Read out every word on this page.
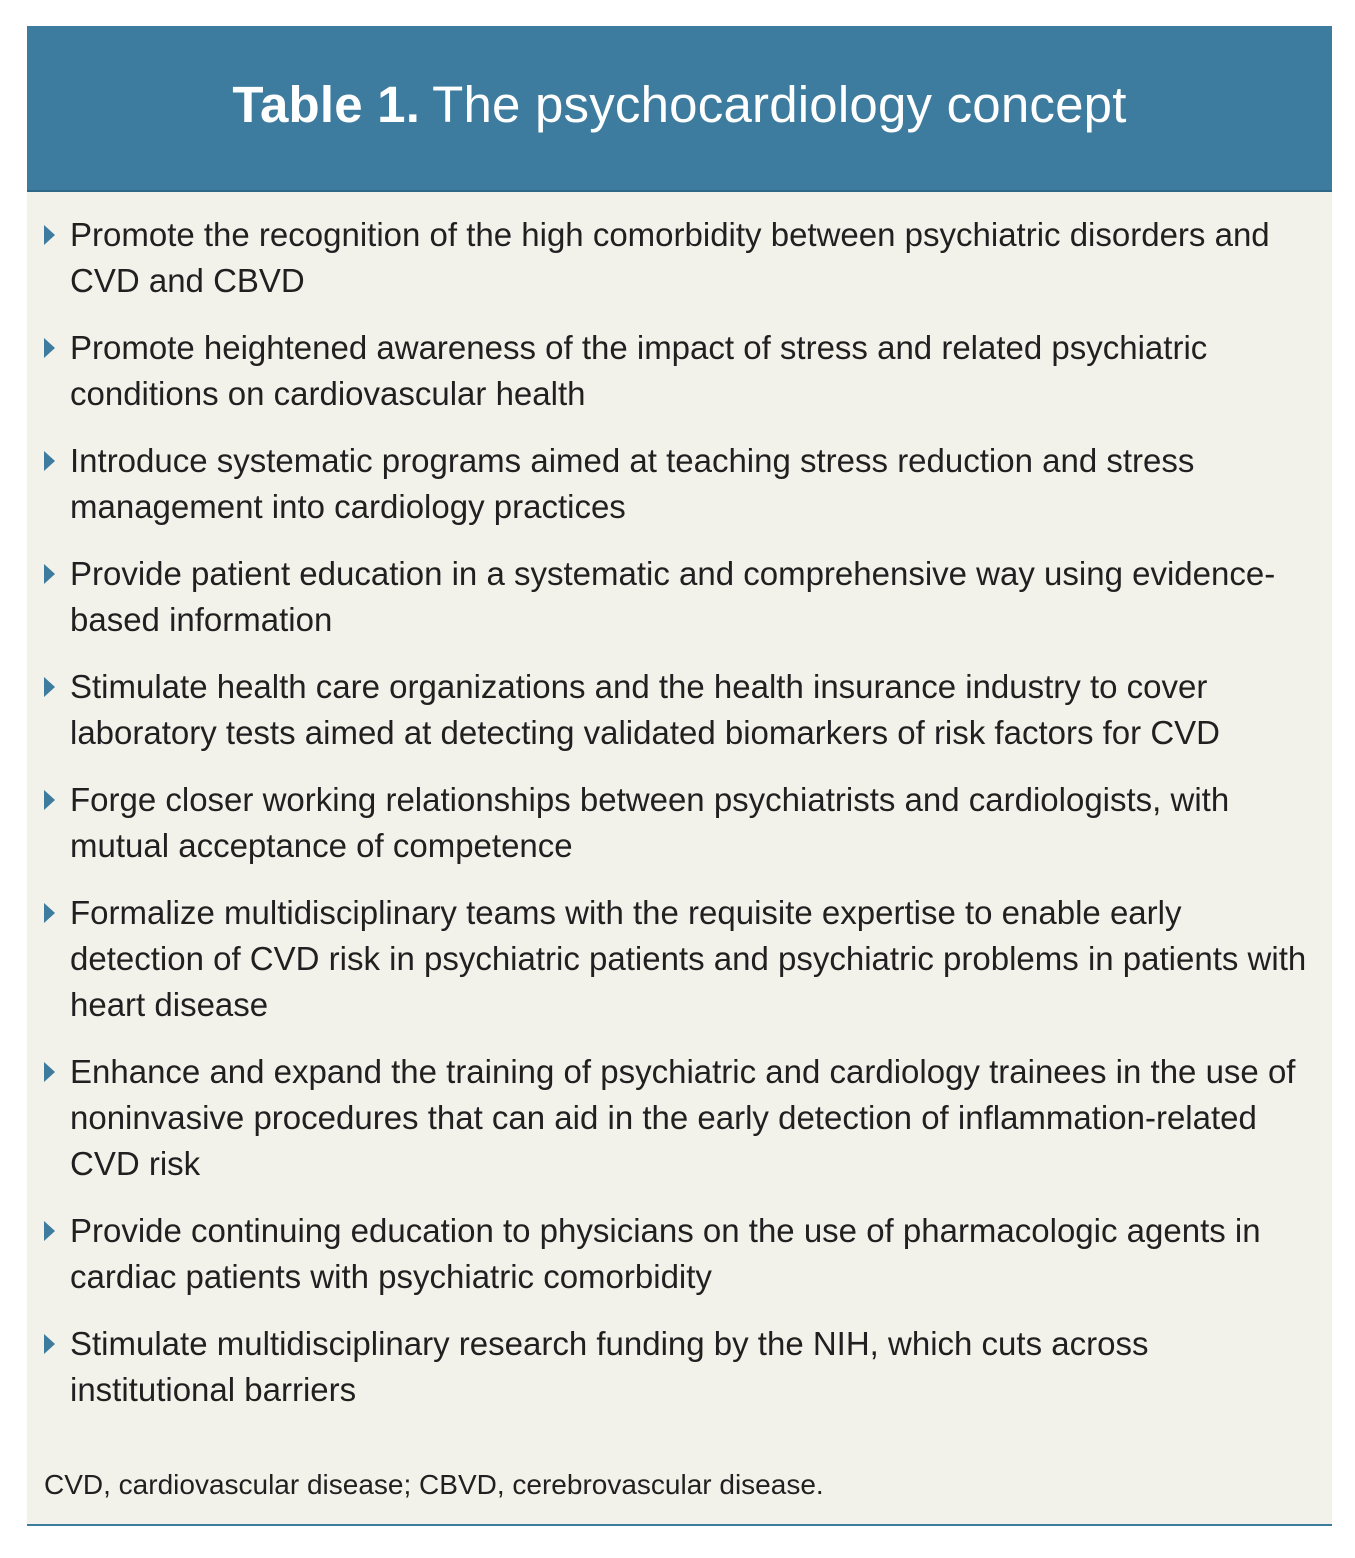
Table 1. The psychocardiology concept
Promote the recognition of the high comorbidity between psychiatric disorders and CVD and CBVD
Promote heightened awareness of the impact of stress and related psychiatric conditions on cardiovascular health
Introduce systematic programs aimed at teaching stress reduction and stress management into cardiology practices
Provide patient education in a systematic and comprehensive way using evidence-based information
Stimulate health care organizations and the health insurance industry to cover laboratory tests aimed at detecting validated biomarkers of risk factors for CVD
Forge closer working relationships between psychiatrists and cardiologists, with mutual acceptance of competence
Formalize multidisciplinary teams with the requisite expertise to enable early detection of CVD risk in psychiatric patients and psychiatric problems in patients with heart disease
Enhance and expand the training of psychiatric and cardiology trainees in the use of noninvasive procedures that can aid in the early detection of inflammation-related CVD risk
Provide continuing education to physicians on the use of pharmacologic agents in cardiac patients with psychiatric comorbidity
Stimulate multidisciplinary research funding by the NIH, which cuts across institutional barriers
CVD, cardiovascular disease; CBVD, cerebrovascular disease.
